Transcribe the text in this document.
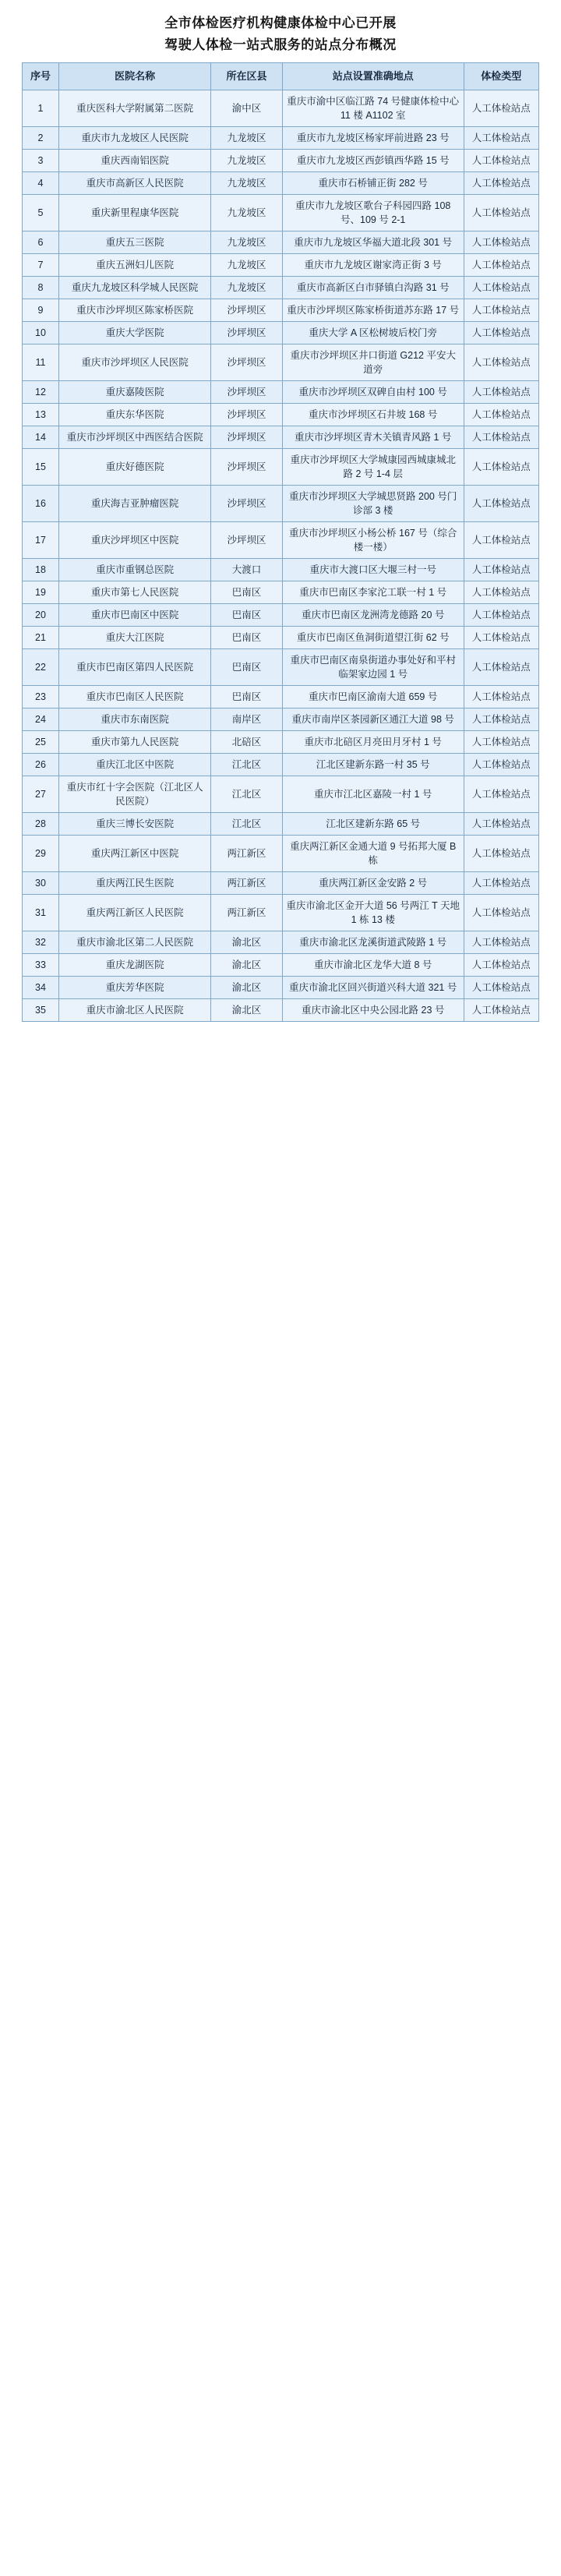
全市体检医疗机构健康体检中心已开展
驾驶人体检一站式服务的站点分布概况
序号	医院名称	所在区县	站点设置准确地点	体检类型
1	重庆医科大学附属第二医院	渝中区	重庆市渝中区临江路 74 号健康体检中心 11 楼 A1102 室	人工体检站点
2	重庆市九龙坡区人民医院	九龙坡区	重庆市九龙坡区杨家坪前进路 23 号	人工体检站点
3	重庆西南铝医院	九龙坡区	重庆市九龙坡区西彭镇西华路 15 号	人工体检站点
4	重庆市高新区人民医院	九龙坡区	重庆市石桥铺正街 282 号	人工体检站点
5	重庆新里程康华医院	九龙坡区	重庆市九龙坡区歌台子科园四路 108 号、109 号 2-1	人工体检站点
6	重庆五三医院	九龙坡区	重庆市九龙坡区华福大道北段 301 号	人工体检站点
7	重庆五洲妇儿医院	九龙坡区	重庆市九龙坡区谢家湾正街 3 号	人工体检站点
8	重庆九龙坡区科学城人民医院	九龙坡区	重庆市高新区白市驿镇白沟路 31 号	人工体检站点
9	重庆市沙坪坝区陈家桥医院	沙坪坝区	重庆市沙坪坝区陈家桥街道苏东路 17 号	人工体检站点
10	重庆大学医院	沙坪坝区	重庆大学 A 区松树坡后校门旁	人工体检站点
11	重庆市沙坪坝区人民医院	沙坪坝区	重庆市沙坪坝区井口街道 G212 平安大道旁	人工体检站点
12	重庆嘉陵医院	沙坪坝区	重庆市沙坪坝区双碑自由村 100 号	人工体检站点
13	重庆东华医院	沙坪坝区	重庆市沙坪坝区石井坡 168 号	人工体检站点
14	重庆市沙坪坝区中西医结合医院	沙坪坝区	重庆市沙坪坝区青木关镇青风路 1 号	人工体检站点
15	重庆好德医院	沙坪坝区	重庆市沙坪坝区大学城康园西城康城北路 2 号 1-4 层	人工体检站点
16	重庆海吉亚肿瘤医院	沙坪坝区	重庆市沙坪坝区大学城思贤路 200 号门诊部 3 楼	人工体检站点
17	重庆沙坪坝区中医院	沙坪坝区	重庆市沙坪坝区小杨公桥 167 号（综合楼一楼）	人工体检站点
18	重庆市重钢总医院	大渡口	重庆市大渡口区大堰三村一号	人工体检站点
19	重庆市第七人民医院	巴南区	重庆市巴南区李家沱工联一村 1 号	人工体检站点
20	重庆市巴南区中医院	巴南区	重庆市巴南区龙洲湾龙德路 20 号	人工体检站点
21	重庆大江医院	巴南区	重庆市巴南区鱼洞街道望江街 62 号	人工体检站点
22	重庆市巴南区第四人民医院	巴南区	重庆市巴南区南泉街道办事处好和平村临架家边园 1 号	人工体检站点
23	重庆市巴南区人民医院	巴南区	重庆市巴南区渝南大道 659 号	人工体检站点
24	重庆市东南医院	南岸区	重庆市南岸区茶园新区通江大道 98 号	人工体检站点
25	重庆市第九人民医院	北碚区	重庆市北碚区月亮田月牙村 1 号	人工体检站点
26	重庆江北区中医院	江北区	江北区建新东路一村 35 号	人工体检站点
27	重庆市红十字会医院（江北区人民医院）	江北区	重庆市江北区嘉陵一村 1 号	人工体检站点
28	重庆三博长安医院	江北区	江北区建新东路 65 号	人工体检站点
29	重庆两江新区中医院	两江新区	重庆两江新区金通大道 9 号拓邦大厦 B 栋	人工体检站点
30	重庆两江民生医院	两江新区	重庆两江新区金安路 2 号	人工体检站点
31	重庆两江新区人民医院	两江新区	重庆市渝北区金开大道 56 号两江 T 天地 1 栋 13 楼	人工体检站点
32	重庆市渝北区第二人民医院	渝北区	重庆市渝北区龙溪街道武陵路 1 号	人工体检站点
33	重庆龙湖医院	渝北区	重庆市渝北区龙华大道 8 号	人工体检站点
34	重庆芳华医院	渝北区	重庆市渝北区回兴街道兴科大道 321 号	人工体检站点
35	重庆市渝北区人民医院	渝北区	重庆市渝北区中央公园北路 23 号	人工体检站点
